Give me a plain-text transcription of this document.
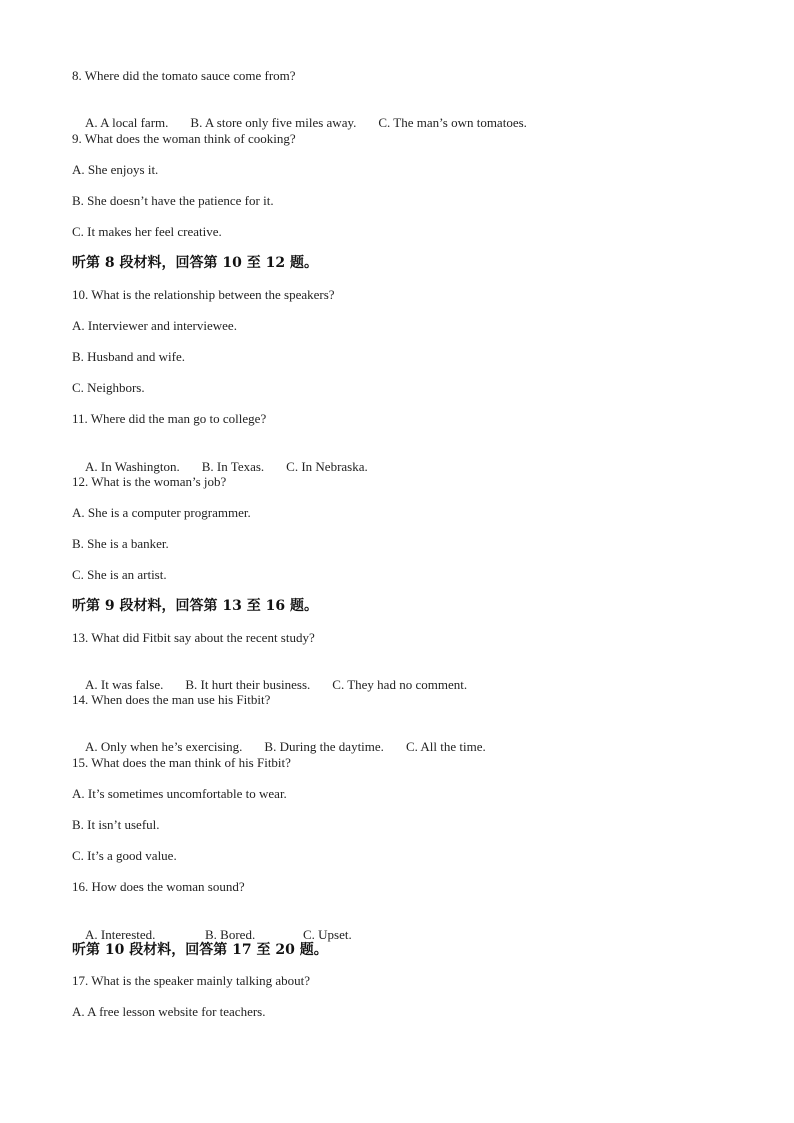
8. Where did the tomato sauce come from?

A. A local farm. B. A store only five miles away. C. The man’s own tomatoes.

9. What does the woman think of cooking?
A. She enjoys it.
B. She doesn’t have the patience for it.
C. It makes her feel creative.
听第 8 段材料，回答第 10 至 12 题。
10. What is the relationship between the speakers?
A. Interviewer and interviewee.
B. Husband and wife.
C. Neighbors.
11. Where did the man go to college?

A. In Washington. B. In Texas. C. In Nebraska.

12. What is the woman’s job?
A. She is a computer programmer.
B. She is a banker.
C. She is an artist.
听第 9 段材料，回答第 13 至 16 题。
13. What did Fitbit say about the recent study?

A. It was false. B. It hurt their business. C. They had no comment.

14. When does the man use his Fitbit?

A. Only when he’s exercising. B. During the daytime. C. All the time.

15. What does the man think of his Fitbit?
A. It’s sometimes uncomfortable to wear.
B. It isn’t useful.
C. It’s a good value.
16. How does the woman sound?

A. Interested.	B. Bored.	C. Upset.

听第 10 段材料，回答第 17 至 20 题。
17. What is the speaker mainly talking about?
A. A free lesson website for teachers.
